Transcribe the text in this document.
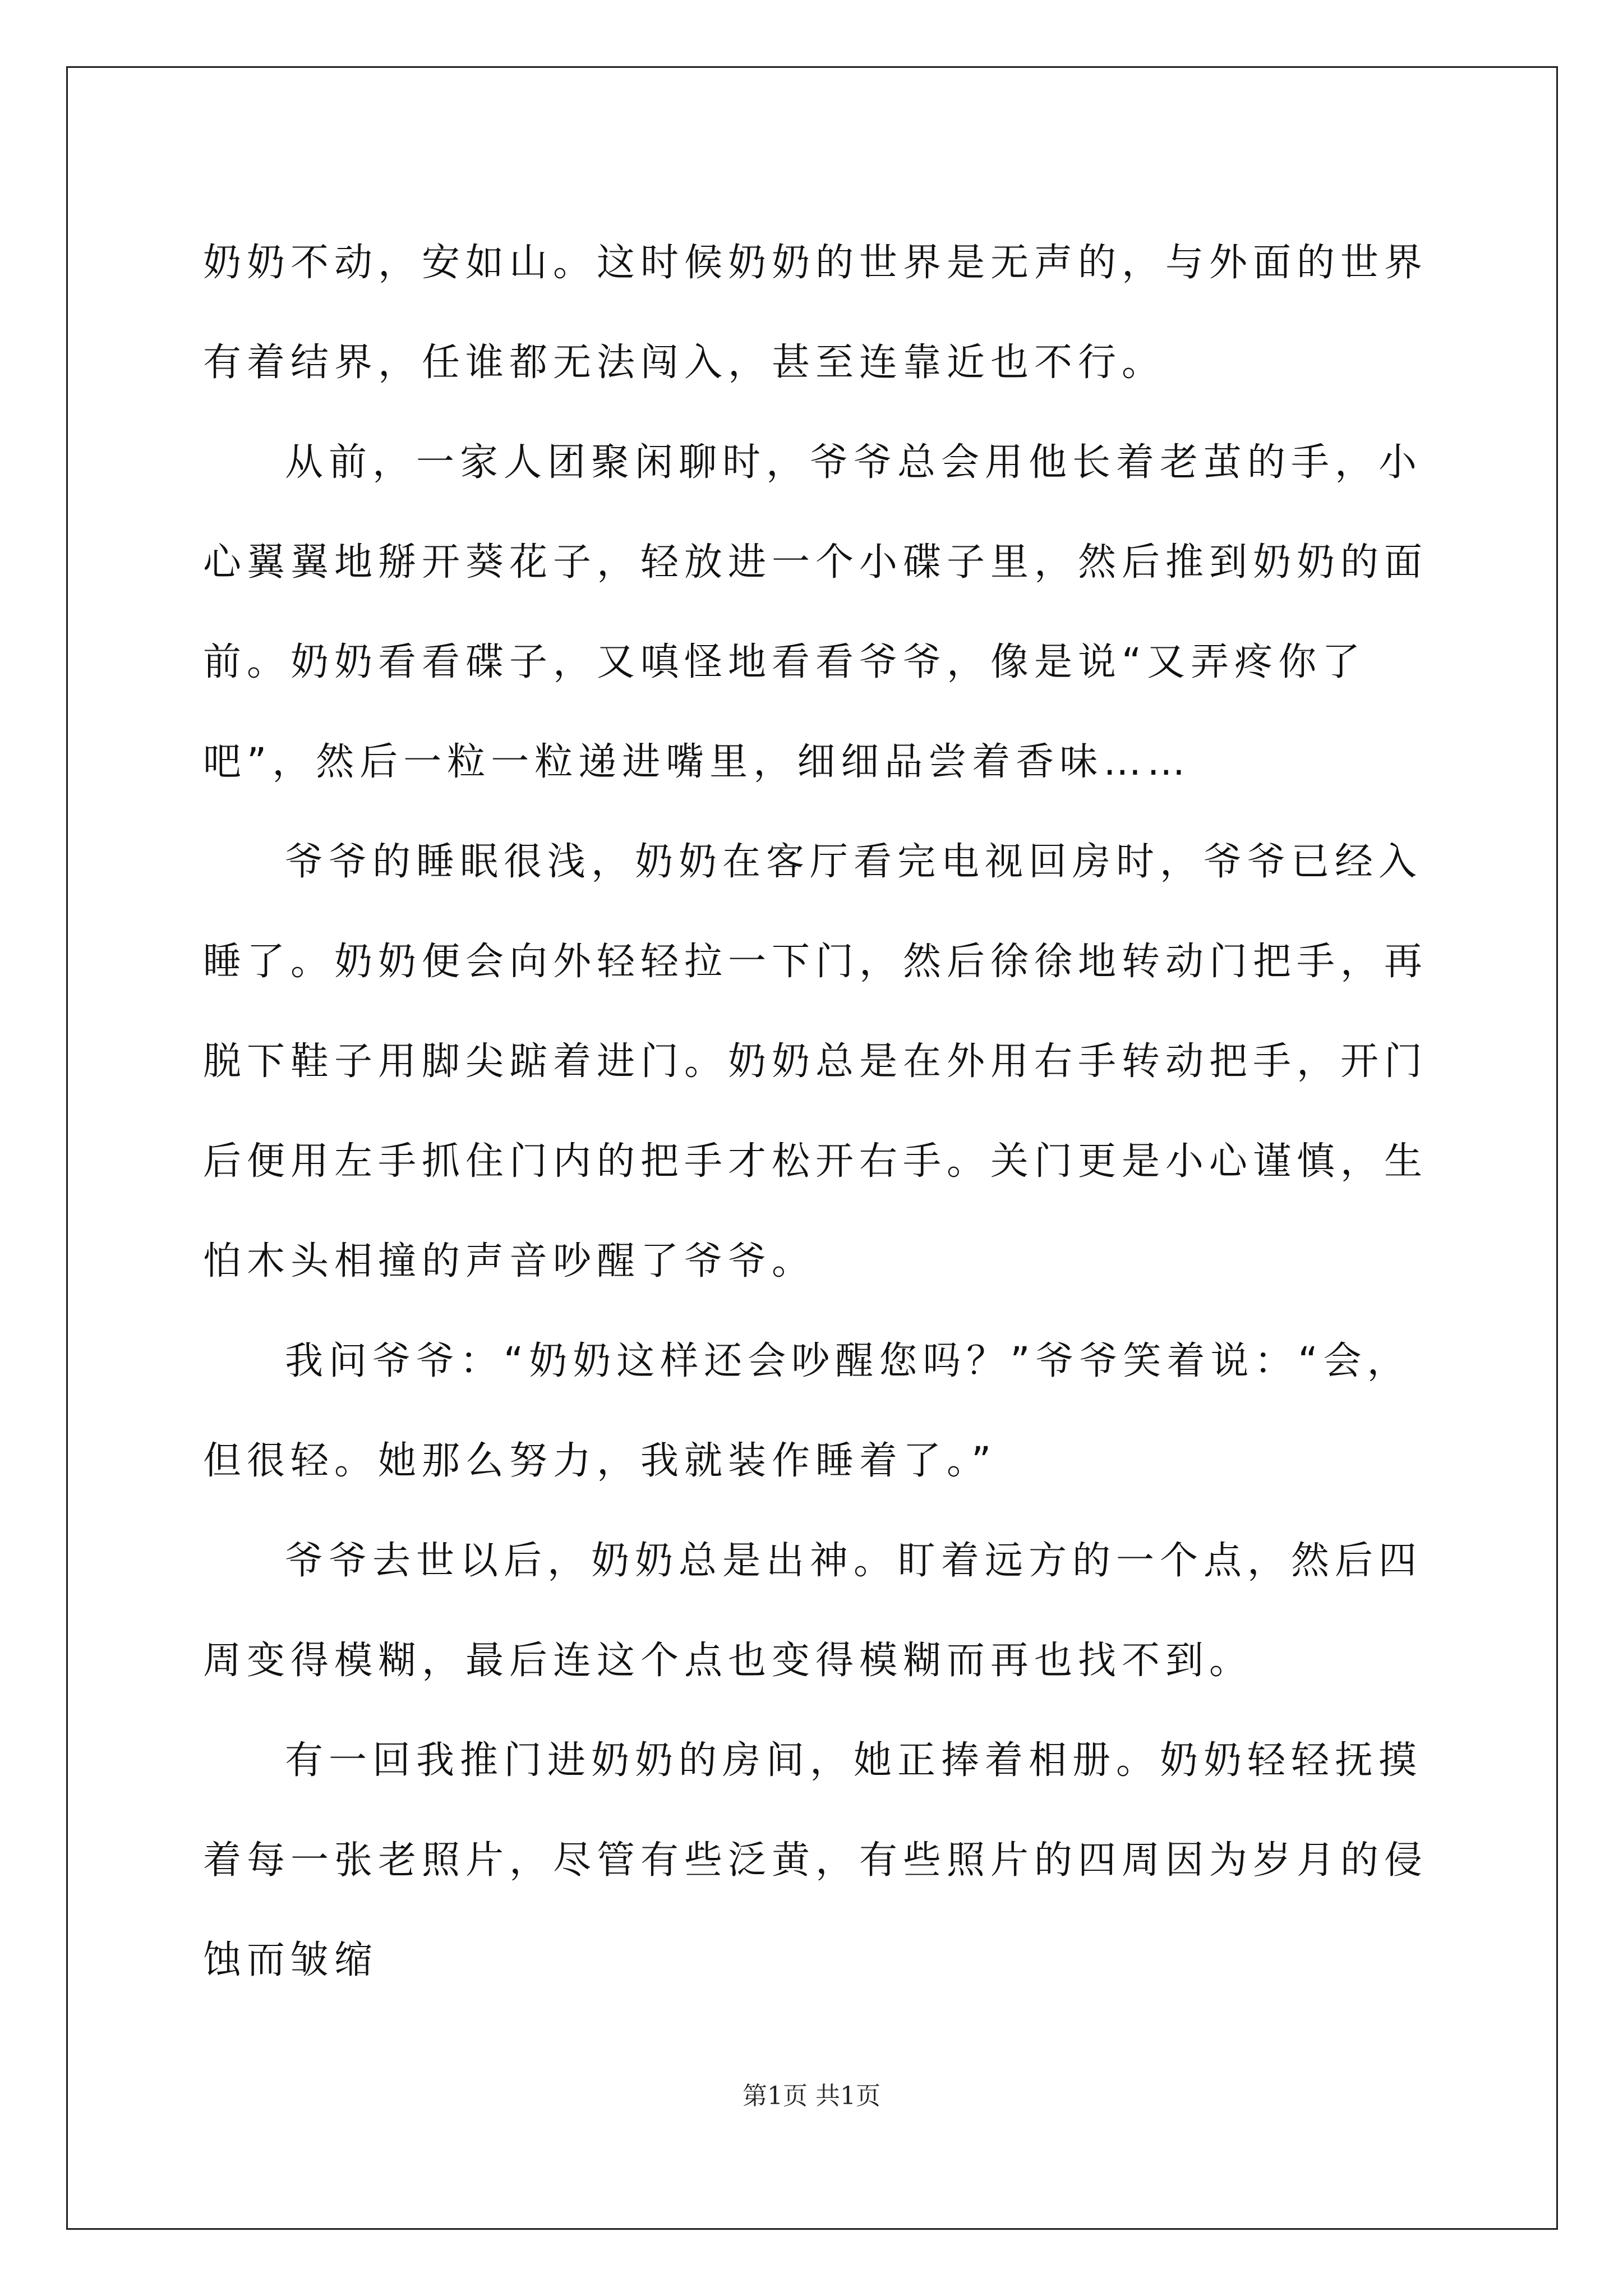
奶奶不动，安如山。这时候奶奶的世界是无声的，与外面的世界有着结界，任谁都无法闯入，甚至连靠近也不行。

从前，一家人团聚闲聊时，爷爷总会用他长着老茧的手，小心翼翼地掰开葵花子，轻放进一个小碟子里，然后推到奶奶的面前。奶奶看看碟子，又嗔怪地看看爷爷，像是说“又弄疼你了吧”，然后一粒一粒递进嘴里，细细品尝着香味……

爷爷的睡眠很浅，奶奶在客厅看完电视回房时，爷爷已经入睡了。奶奶便会向外轻轻拉一下门，然后徐徐地转动门把手，再脱下鞋子用脚尖踮着进门。奶奶总是在外用右手转动把手，开门后便用左手抓住门内的把手才松开右手。关门更是小心谨慎，生怕木头相撞的声音吵醒了爷爷。

我问爷爷：“奶奶这样还会吵醒您吗？”爷爷笑着说：“会，但很轻。她那么努力，我就装作睡着了。”

爷爷去世以后，奶奶总是出神。盯着远方的一个点，然后四周变得模糊，最后连这个点也变得模糊而再也找不到。

有一回我推门进奶奶的房间，她正捧着相册。奶奶轻轻抚摸着每一张老照片，尽管有些泛黄，有些照片的四周因为岁月的侵蚀而皱缩

第1页 共1页
